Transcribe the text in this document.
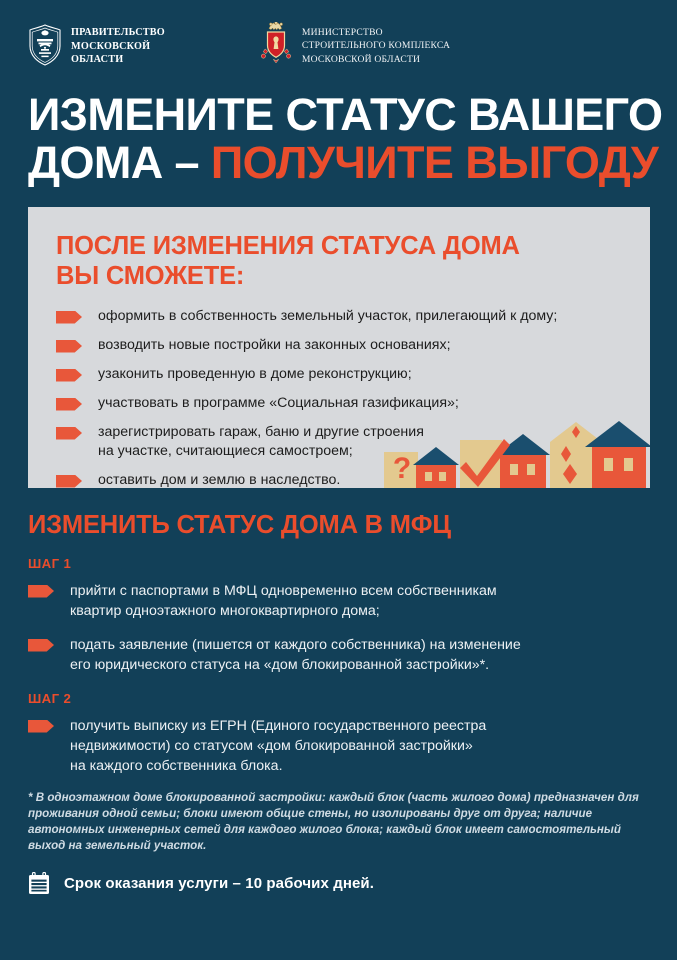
ПРАВИТЕЛЬСТВО
МОСКОВСКОЙ
ОБЛАСТИ
МИНИСТЕРСТВО
СТРОИТЕЛЬНОГО КОМПЛЕКСА
МОСКОВСКОЙ ОБЛАСТИ
ИЗМЕНИТЕ СТАТУС ВАШЕГО
ДОМА – ПОЛУЧИТЕ ВЫГОДУ
ПОСЛЕ ИЗМЕНЕНИЯ СТАТУСА ДОМА
ВЫ СМОЖЕТЕ:
оформить в собственность земельный участок, прилегающий к дому;
возводить новые постройки на законных основаниях;
узаконить проведенную в доме реконструкцию;
участвовать в программе «Социальная газификация»;
зарегистрировать гараж, баню и другие строения
на участке, считающиеся самостроем;
оставить дом и землю в наследство. ?
ИЗМЕНИТЬ СТАТУС ДОМА В МФЦ
ШАГ 1
прийти с паспортами в МФЦ одновременно всем собственникам
квартир одноэтажного многоквартирного дома;
подать заявление (пишется от каждого собственника) на изменение
его юридического статуса на «дом блокированной застройки»*.
ШАГ 2
получить выписку из ЕГРН (Единого государственного реестра
недвижимости) со статусом «дом блокированной застройки»
на каждого собственника блока.

* В одноэтажном доме блокированной застройки: каждый блок (часть жилого дома) предназначен для проживания одной семьи; блоки имеют общие стены, но изолированы друг от друга; наличие автономных инженерных сетей для каждого жилого блока; каждый блок имеет самостоятельный выход на земельный участок.

Срок оказания услуги – 10 рабочих дней.
